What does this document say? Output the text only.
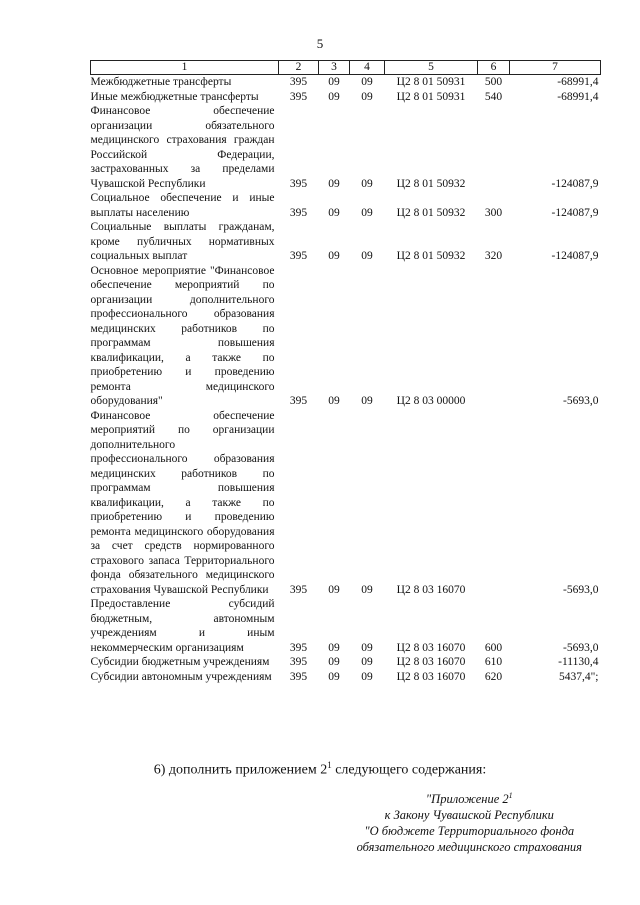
5
1	2	3	4	5	6	7
Межбюджетные трансферты	395	09	09	Ц2 8 01 50931	500	-68991,4
Иные межбюджетные трансферты	395	09	09	Ц2 8 01 50931	540	-68991,4
Финансовое обеспечение организации обязательного медицинского страхования граждан Российской Федерации, застрахованных за пределами Чувашской Республики	395	09	09	Ц2 8 01 50932		-124087,9
Социальное обеспечение и иные выплаты населению	395	09	09	Ц2 8 01 50932	300	-124087,9
Социальные выплаты гражданам, кроме публичных нормативных социальных выплат	395	09	09	Ц2 8 01 50932	320	-124087,9
Основное мероприятие "Финансовое обеспечение мероприятий по организации дополнительного профессионального образования медицинских работников по программам повышения квалификации, а также по приобретению и проведению ремонта медицинского оборудования"	395	09	09	Ц2 8 03 00000		-5693,0
Финансовое обеспечение мероприятий по организации дополнительного профессионального образования медицинских работников по программам повышения квалификации, а также по приобретению и проведению ремонта медицинского оборудования за счет средств нормированного страхового запаса Территориального фонда обязательного медицинского страхования Чувашской Республики	395	09	09	Ц2 8 03 16070		-5693,0
Предоставление субсидий бюджетным, автономным учреждениям и иным некоммерческим организациям	395	09	09	Ц2 8 03 16070	600	-5693,0
Субсидии бюджетным учреждениям	395	09	09	Ц2 8 03 16070	610	-11130,4
Субсидии автономным учреждениям	395	09	09	Ц2 8 03 16070	620	5437,4";
6) дополнить приложением $2^1$ следующего содержания:
"Приложение $2^1$
к Закону Чувашской Республики
"О бюджете Территориального фонда
обязательного медицинского страхования
